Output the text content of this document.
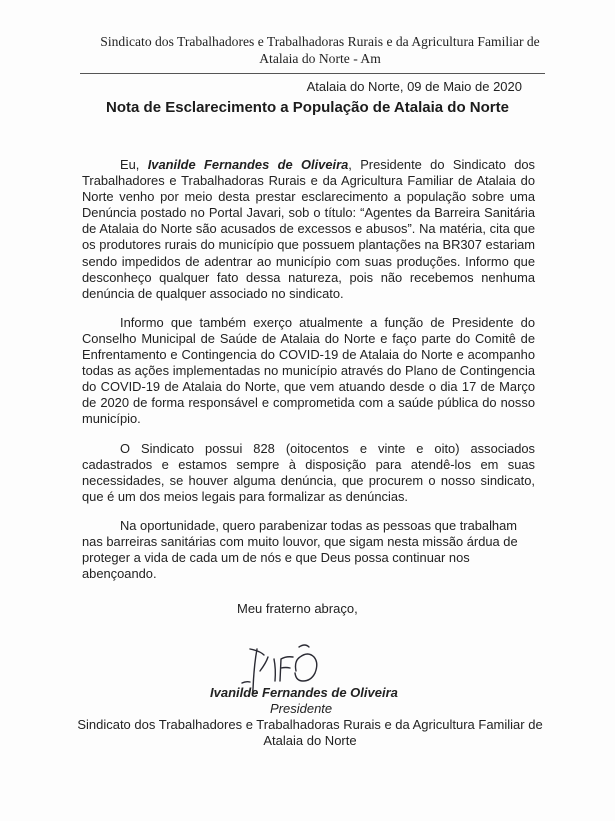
Sindicato dos Trabalhadores e Trabalhadoras Rurais e da Agricultura Familiar de
Atalaia do Norte - Am
Atalaia do Norte, 09 de Maio de 2020
Nota de Esclarecimento a População de Atalaia do Norte

Eu, Ivanilde Fernandes de Oliveira, Presidente do Sindicato dos Trabalhadores e Trabalhadoras Rurais e da Agricultura Familiar de Atalaia do Norte venho por meio desta prestar esclarecimento a população sobre uma Denúncia postado no Portal Javari, sob o título: “Agentes da Barreira Sanitária de Atalaia do Norte são acusados de excessos e abusos”. Na matéria, cita que os produtores rurais do município que possuem plantações na BR307 estariam sendo impedidos de adentrar ao município com suas produções. Informo que desconheço qualquer fato dessa natureza, pois não recebemos nenhuma denúncia de qualquer associado no sindicato.

Informo que também exerço atualmente a função de Presidente do Conselho Municipal de Saúde de Atalaia do Norte e faço parte do Comitê de Enfrentamento e Contingencia do COVID-19 de Atalaia do Norte e acompanho todas as ações implementadas no município através do Plano de Contingencia do COVID-19 de Atalaia do Norte, que vem atuando desde o dia 17 de Março de 2020 de forma responsável e comprometida com a saúde pública do nosso município.

O Sindicato possui 828 (oitocentos e vinte e oito) associados cadastrados e estamos sempre à disposição para atendê-los em suas necessidades, se houver alguma denúncia, que procurem o nosso sindicato, que é um dos meios legais para formalizar as denúncias.

Na oportunidade, quero parabenizar todas as pessoas que trabalham nas barreiras sanitárias com muito louvor, que sigam nesta missão árdua de proteger a vida de cada um de nós e que Deus possa continuar nos abençoando.

Meu fraterno abraço,
Ivanilde Fernandes de Oliveira
Presidente
Sindicato dos Trabalhadores e Trabalhadoras Rurais e da Agricultura Familiar de Atalaia do Norte
